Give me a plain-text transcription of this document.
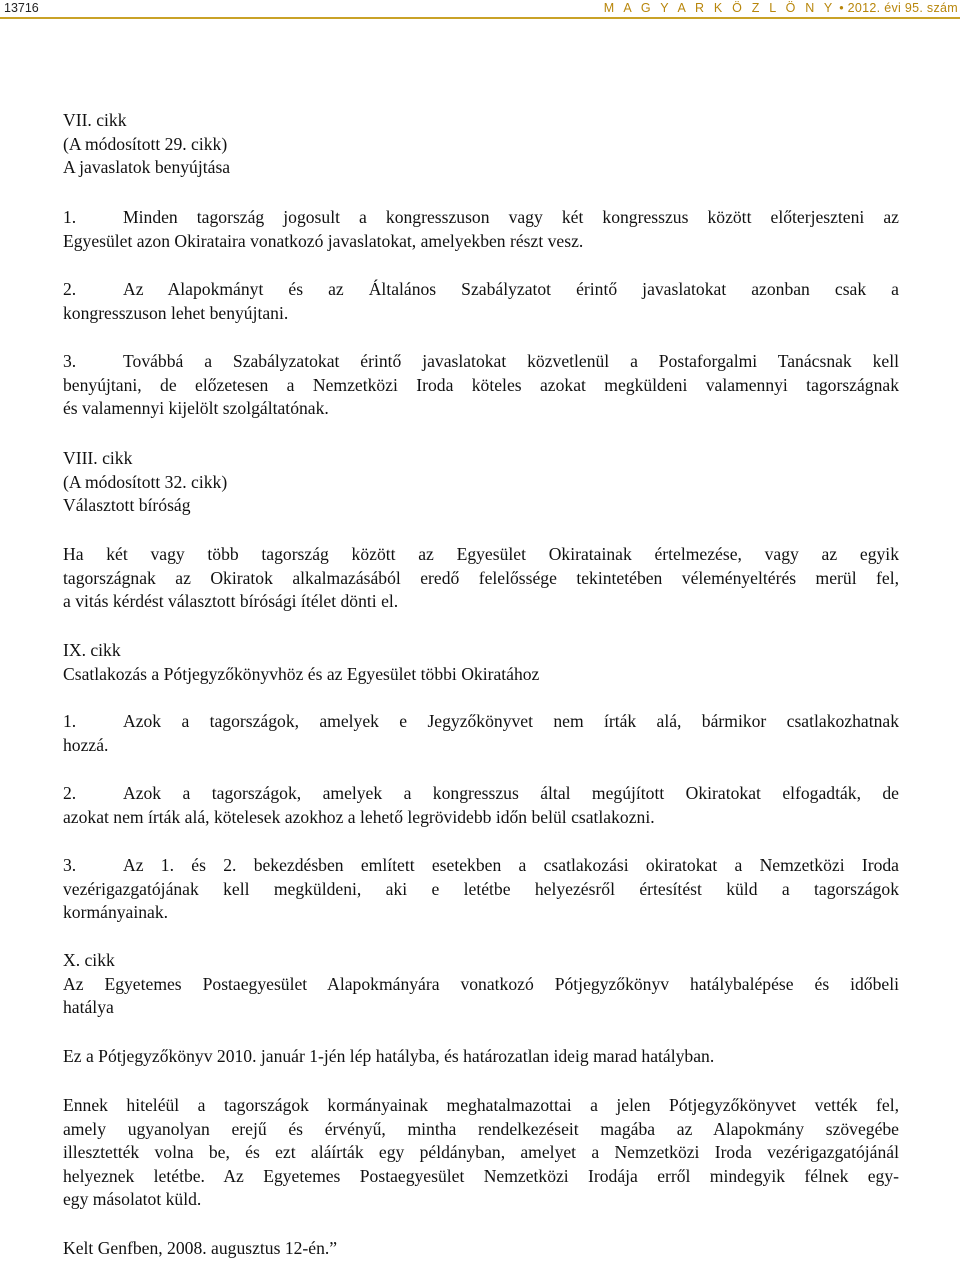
13716	M A G Y A R K Ö Z L Ö N Y • 2012. évi 95. szám
VII. cikk
(A módosított 29. cikk)
A javaslatok benyújtása
1.	Minden tagország jogosult a kongresszuson vagy két kongresszus között előterjeszteni az
Egyesület azon Okirataira vonatkozó javaslatokat, amelyekben részt vesz.
2.	Az Alapokmányt és az Általános Szabályzatot érintő javaslatokat azonban csak a
kongresszuson lehet benyújtani.
3.	Továbbá a Szabályzatokat érintő javaslatokat közvetlenül a Postaforgalmi Tanácsnak kell
benyújtani, de előzetesen a Nemzetközi Iroda köteles azokat megküldeni valamennyi tagországnak
és valamennyi kijelölt szolgáltatónak.
VIII. cikk
(A módosított 32. cikk)
Választott bíróság
Ha két vagy több tagország között az Egyesület Okiratainak értelmezése, vagy az egyik
tagországnak az Okiratok alkalmazásából eredő felelőssége tekintetében véleményeltérés merül fel,
a vitás kérdést választott bírósági ítélet dönti el.
IX. cikk
Csatlakozás a Pótjegyzőkönyvhöz és az Egyesület többi Okiratához
1.	Azok a tagországok, amelyek e Jegyzőkönyvet nem írták alá, bármikor csatlakozhatnak
hozzá.
2.	Azok a tagországok, amelyek a kongresszus által megújított Okiratokat elfogadták, de
azokat nem írták alá, kötelesek azokhoz a lehető legrövidebb időn belül csatlakozni.
3.	Az 1. és 2. bekezdésben említett esetekben a csatlakozási okiratokat a Nemzetközi Iroda
vezérigazgatójának kell megküldeni, aki e letétbe helyezésről értesítést küld a tagországok
kormányainak.
X. cikk
Az Egyetemes Postaegyesület Alapokmányára vonatkozó Pótjegyzőkönyv hatálybalépése és időbeli
hatálya
Ez a Pótjegyzőkönyv 2010. január 1-jén lép hatályba, és határozatlan ideig marad hatályban.
Ennek hiteléül a tagországok kormányainak meghatalmazottai a jelen Pótjegyzőkönyvet vették fel,
amely ugyanolyan erejű és érvényű, mintha rendelkezéseit magába az Alapokmány szövegébe
illesztették volna be, és ezt aláírták egy példányban, amelyet a Nemzetközi Iroda vezérigazgatójánál
helyeznek letétbe. Az Egyetemes Postaegyesület Nemzetközi Irodája erről mindegyik félnek egy-
egy másolatot küld.
Kelt Genfben, 2008. augusztus 12-én.”
